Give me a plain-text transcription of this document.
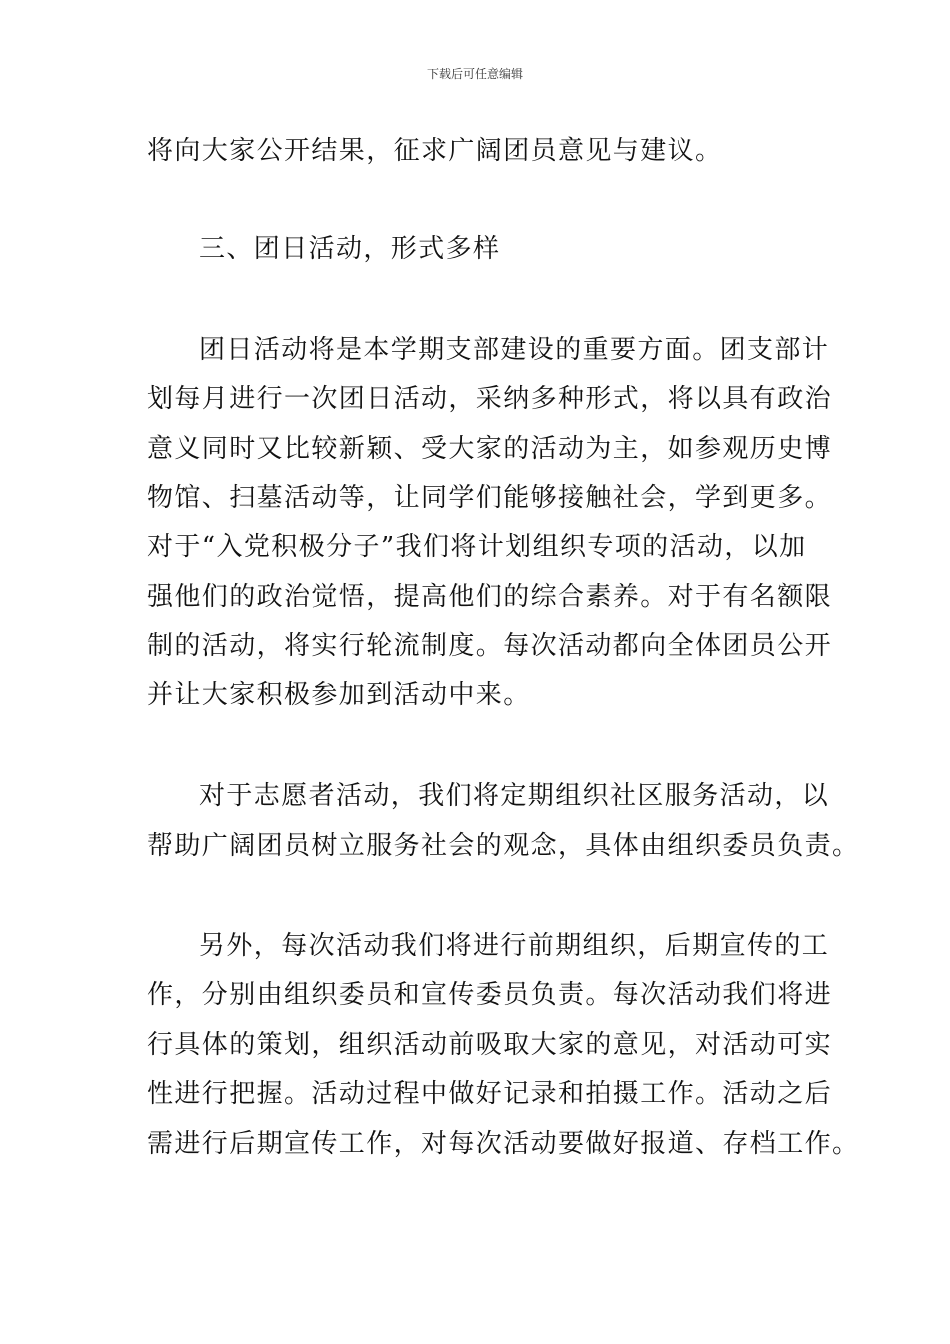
下载后可任意编辑
将向大家公开结果，征求广阔团员意见与建议。
三、团日活动，形式多样
团日活动将是本学期支部建设的重要方面。团支部计
划每月进行一次团日活动，采纳多种形式，将以具有政治
意义同时又比较新颖、受大家的活动为主，如参观历史博
物馆、扫墓活动等，让同学们能够接触社会，学到更多。
对于“入党积极分子”我们将计划组织专项的活动，以加
强他们的政治觉悟，提高他们的综合素养。对于有名额限
制的活动，将实行轮流制度。每次活动都向全体团员公开
并让大家积极参加到活动中来。
对于志愿者活动，我们将定期组织社区服务活动，以
帮助广阔团员树立服务社会的观念，具体由组织委员负责。
另外，每次活动我们将进行前期组织，后期宣传的工
作，分别由组织委员和宣传委员负责。每次活动我们将进
行具体的策划，组织活动前吸取大家的意见，对活动可实
性进行把握。活动过程中做好记录和拍摄工作。活动之后
需进行后期宣传工作，对每次活动要做好报道、存档工作。
